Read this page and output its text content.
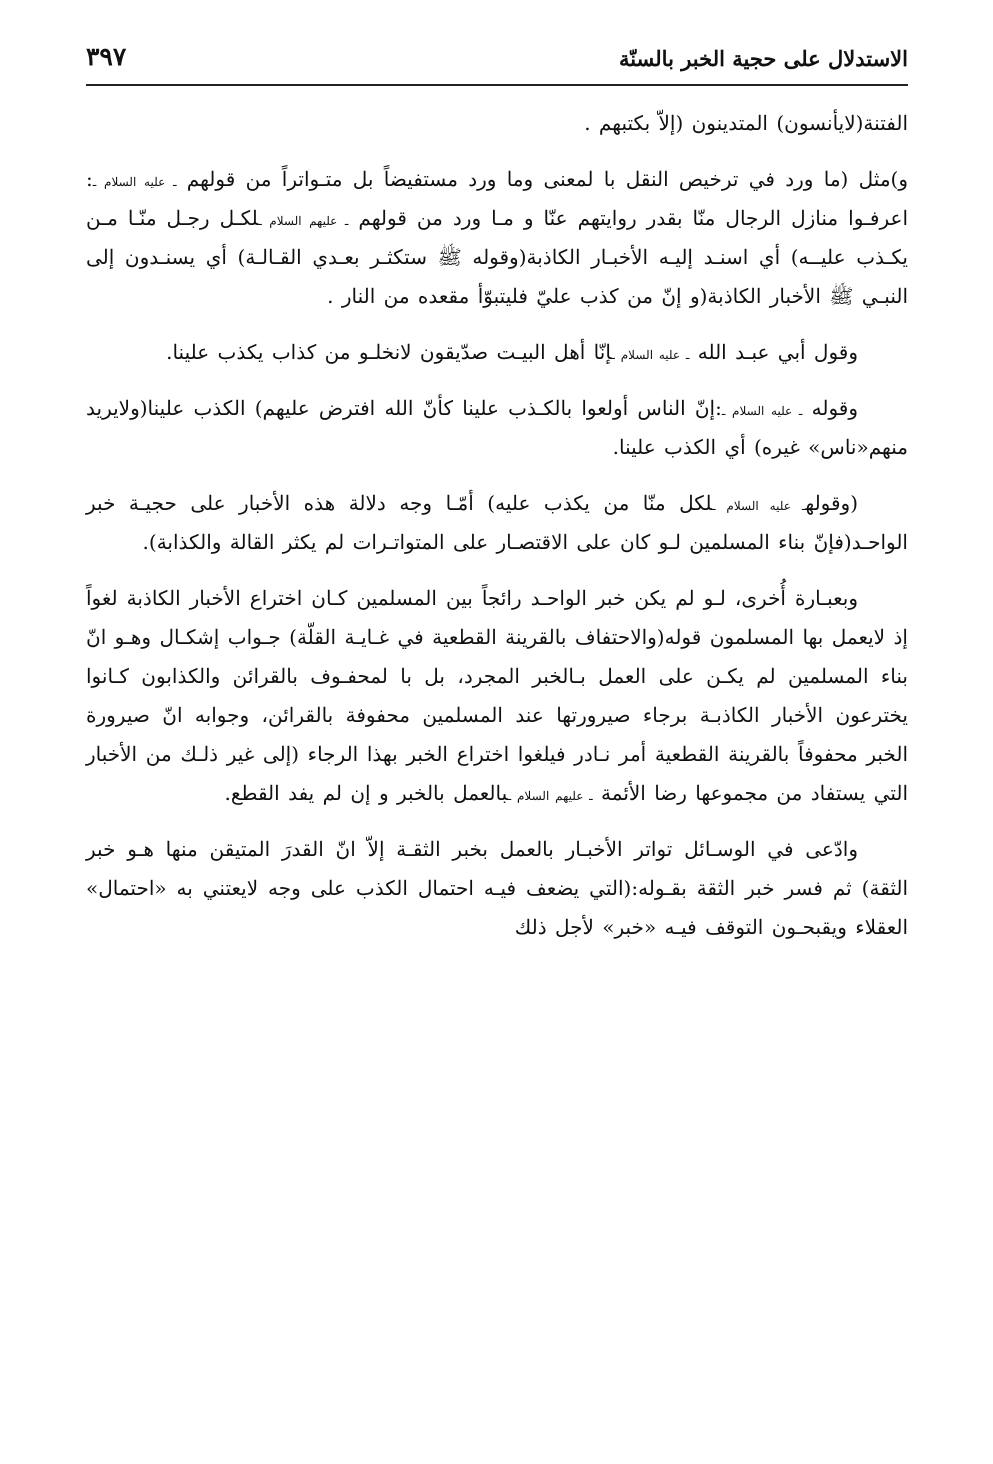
الاستدلال على حجية الخبر بالسنّة
٣٩٧

الفتنة(لايأنسون) المتدينون (إلاّ بكتبهم .

و)مثل (ما ورد في ترخيص النقل با لمعنى وما ورد مستفيضاً بل متـواتراً من قولهم ـ عليه السلام ـ: اعرفـوا منازل الرجال منّا بقدر روايتهم عنّا و مـا ورد من قولهم ـ عليهم السلام ـلكـل رجـل منّـا مـن يكـذب عليــه) أي اسنـد إليـه الأخبـار الكاذبة(وقوله ﷺ ستكثـر بعـدي القـالـة) أي يسنـدون إلى النبـي ﷺ الأخبار الكاذبة(و إنّ من كذب عليّ فليتبوّأ مقعده من النار .

وقول أبي عبـد الله ـ عليه السلام ـإنّا أهل البيـت صدّيقون لانخلـو من كذاب يكذب علينا.

وقوله ـ عليه السلام ـ:إنّ الناس أولعوا بالكـذب علينا كأنّ الله افترض عليهم) الكذب علينا(ولايريد منهم«ناس» غيره) أي الكذب علينا.

(وقولهـ عليه السلام ـلكل منّا من يكذب عليه) أمّـا وجه دلالة هذه الأخبار على حجيـة خبر الواحـد(فإنّ بناء المسلمين لـو كان على الاقتصـار على المتواتـرات لم يكثر القالة والكذابة).

وبعبـارة أُخرى، لـو لم يكن خبر الواحـد رائجاً بين المسلمين كـان اختراع الأخبار الكاذبة لغواً إذ لايعمل بها المسلمون قوله(والاحتفاف بالقرينة القطعية في غـايـة القلّة) جـواب إشكـال وهـو انّ بناء المسلمين لم يكـن على العمل بـالخبر المجرد، بل با لمحفـوف بالقرائن والكذابون كـانوا يخترعون الأخبار الكاذبـة برجاء صيرورتها عند المسلمين محفوفة بالقرائن، وجوابه انّ صيرورة الخبر محفوفاً بالقرينة القطعية أمر نـادر فيلغوا اختراع الخبر بهذا الرجاء (إلى غير ذلـك من الأخبار التي يستفاد من مجموعها رضا الأئمة ـ عليهم السلام ـبالعمل بالخبر و إن لم يفد القطع.

وادّعى في الوسـائل تواتر الأخبـار بالعمل بخبر الثقـة إلاّ انّ القدرَ المتيقن منها هـو خبر الثقة) ثم فسر خبر الثقة بقـوله:(التي يضعف فيـه احتمال الكذب على وجه لايعتني به «احتمال» العقلاء ويقبحـون التوقف فيـه «خبر» لأجل ذلك
